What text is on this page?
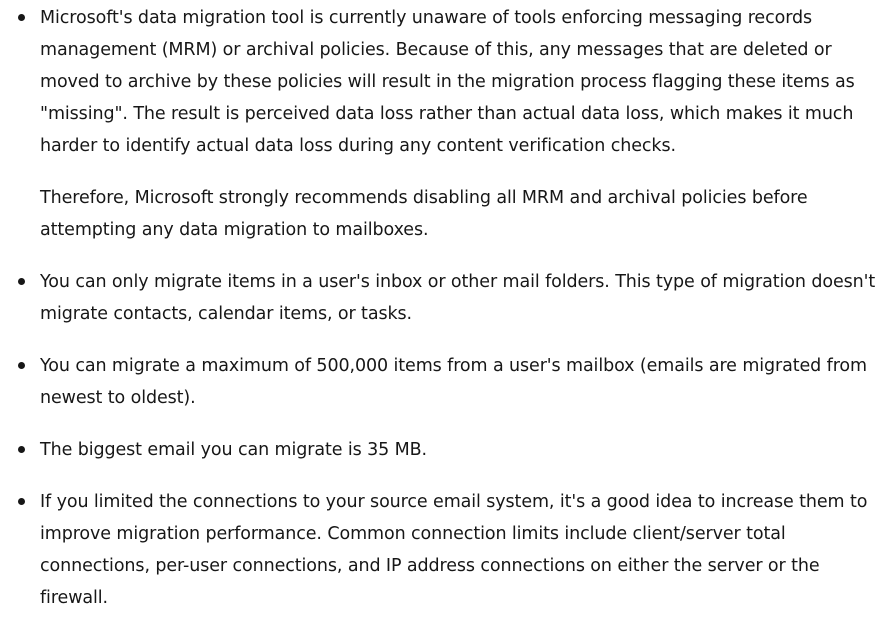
Microsoft's data migration tool is currently unaware of tools enforcing messaging records management (MRM) or archival policies. Because of this, any messages that are deleted or moved to archive by these policies will result in the migration process flagging these items as "missing". The result is perceived data loss rather than actual data loss, which makes it much harder to identify actual data loss during any content verification checks.

Therefore, Microsoft strongly recommends disabling all MRM and archival policies before attempting any data migration to mailboxes.

You can only migrate items in a user's inbox or other mail folders. This type of migration doesn't migrate contacts, calendar items, or tasks.

You can migrate a maximum of 500,000 items from a user's mailbox (emails are migrated from newest to oldest).

The biggest email you can migrate is 35 MB.

If you limited the connections to your source email system, it's a good idea to increase them to improve migration performance. Common connection limits include client/server total connections, per-user connections, and IP address connections on either the server or the firewall.
